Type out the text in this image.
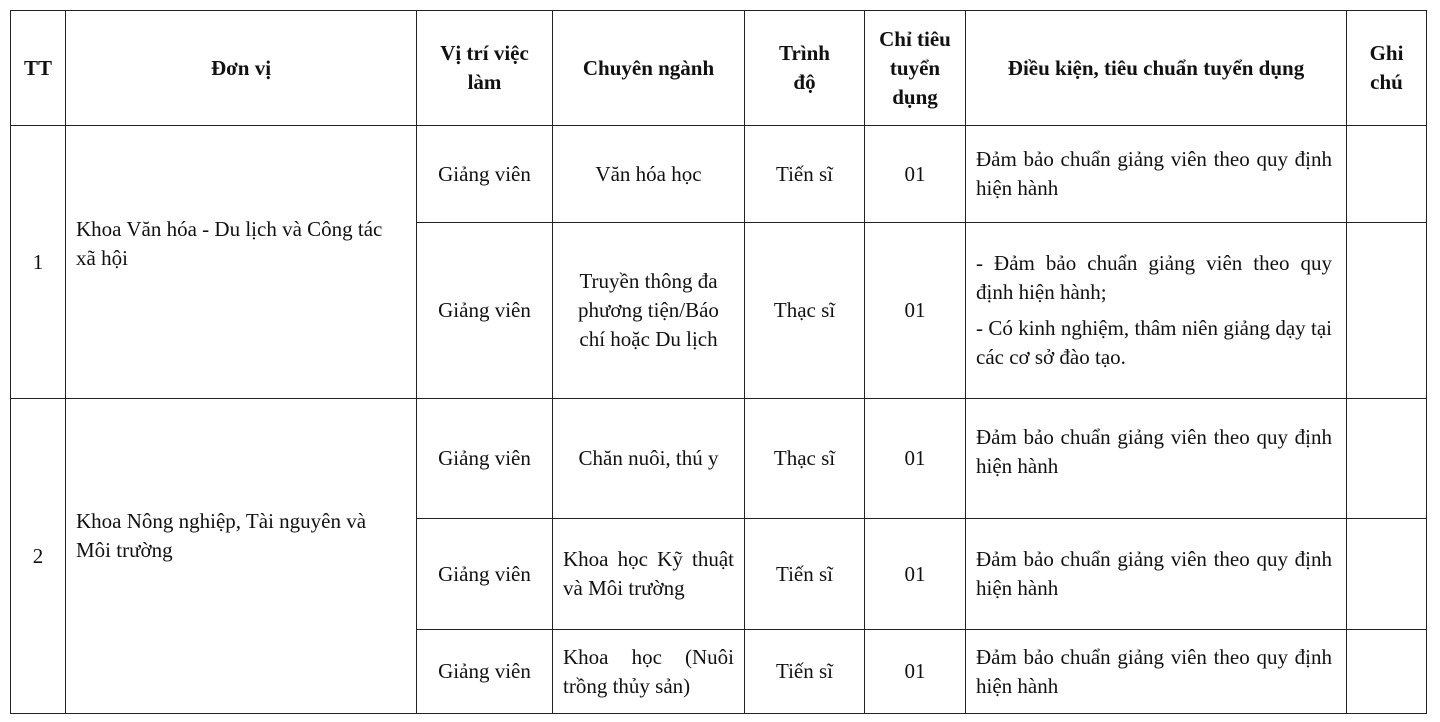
TT	Đơn vị	Vị trí việc làm	Chuyên ngành	Trình độ	Chỉ tiêu tuyển dụng	Điều kiện, tiêu chuẩn tuyển dụng	Ghi chú
1	Khoa Văn hóa - Du lịch và Công tác xã hội	Giảng viên	Văn hóa học	Tiến sĩ	01	Đảm bảo chuẩn giảng viên theo quy định hiện hành	

		Giảng viên	Truyền thông đa phương tiện/Báo chí hoặc Du lịch	Thạc sĩ	01	- Đảm bảo chuẩn giảng viên theo quy định hiện hành;

- Có kinh nghiệm, thâm niên giảng dạy tại các cơ sở đào tạo.	

2	Khoa Nông nghiệp, Tài nguyên và Môi trường	Giảng viên	Chăn nuôi, thú y	Thạc sĩ	01	Đảm bảo chuẩn giảng viên theo quy định hiện hành	

		Giảng viên	Khoa học Kỹ thuật và Môi trường	Tiến sĩ	01	Đảm bảo chuẩn giảng viên theo quy định hiện hành	

		Giảng viên	Khoa học (Nuôi trồng thủy sản)	Tiến sĩ	01	Đảm bảo chuẩn giảng viên theo quy định hiện hành	
